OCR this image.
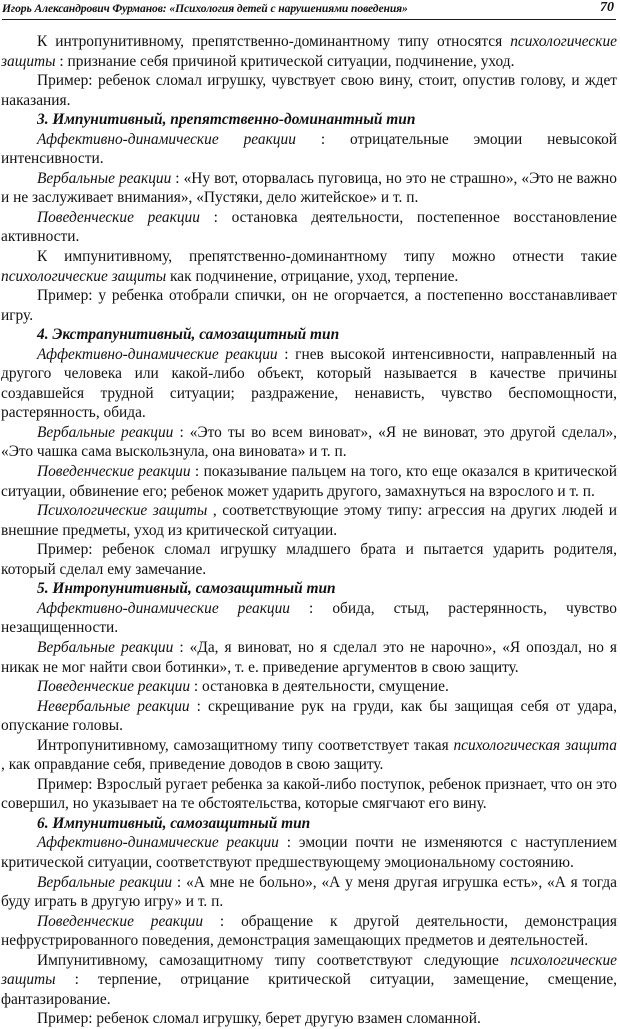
Игорь Александрович Фурманов: «Психология детей с нарушениями поведения»	70

К интропунитивному, препятственно-доминантному типу относятся психологические защиты : признание себя причиной критической ситуации, подчинение, уход.

Пример: ребенок сломал игрушку, чувствует свою вину, стоит, опустив голову, и ждет наказания.

3. Импунитивный, препятственно-доминантный тип

Аффективно-динамические реакции : отрицательные эмоции невысокой интенсивности.

Вербальные реакции : «Ну вот, оторвалась пуговица, но это не страшно», «Это не важно и не заслуживает внимания», «Пустяки, дело житейское» и т. п.

Поведенческие реакции : остановка деятельности, постепенное восстановление активности.

К импунитивному, препятственно-доминантному типу можно отнести такие психологические защиты как подчинение, отрицание, уход, терпение.

Пример: у ребенка отобрали спички, он не огорчается, а постепенно восстанавливает игру.

4. Экстрапунитивный, самозащитный тип

Аффективно-динамические реакции : гнев высокой интенсивности, направленный на другого человека или какой-либо объект, который называется в качестве причины создавшейся трудной ситуации; раздражение, ненависть, чувство беспомощности, растерянность, обида.

Вербальные реакции : «Это ты во всем виноват», «Я не виноват, это другой сделал», «Это чашка сама выскользнула, она виновата» и т. п.

Поведенческие реакции : показывание пальцем на того, кто еще оказался в критической ситуации, обвинение его; ребенок может ударить другого, замахнуться на взрослого и т. п.

Психологические защиты , соответствующие этому типу: агрессия на других людей и внешние предметы, уход из критической ситуации.

Пример: ребенок сломал игрушку младшего брата и пытается ударить родителя, который сделал ему замечание.

5. Интропунитивный, самозащитный тип

Аффективно-динамические реакции : обида, стыд, растерянность, чувство незащищенности.

Вербальные реакции : «Да, я виноват, но я сделал это не нарочно», «Я опоздал, но я никак не мог найти свои ботинки», т. е. приведение аргументов в свою защиту.

Поведенческие реакции : остановка в деятельности, смущение.

Невербальные реакции : скрещивание рук на груди, как бы защищая себя от удара, опускание головы.

Интропунитивному, самозащитному типу соответствует такая психологическая защита , как оправдание себя, приведение доводов в свою защиту.

Пример: Взрослый ругает ребенка за какой-либо поступок, ребенок признает, что он это совершил, но указывает на те обстоятельства, которые смягчают его вину.

6. Импунитивный, самозащитный тип

Аффективно-динамические реакции : эмоции почти не изменяются с наступлением критической ситуации, соответствуют предшествующему эмоциональному состоянию.

Вербальные реакции : «А мне не больно», «А у меня другая игрушка есть», «А я тогда буду играть в другую игру» и т. п.

Поведенческие реакции : обращение к другой деятельности, демонстрация нефрустрированного поведения, демонстрация замещающих предметов и деятельностей.

Импунитивному, самозащитному типу соответствуют следующие психологические защиты : терпение, отрицание критической ситуации, замещение, смещение, фантазирование.

Пример: ребенок сломал игрушку, берет другую взамен сломанной.
